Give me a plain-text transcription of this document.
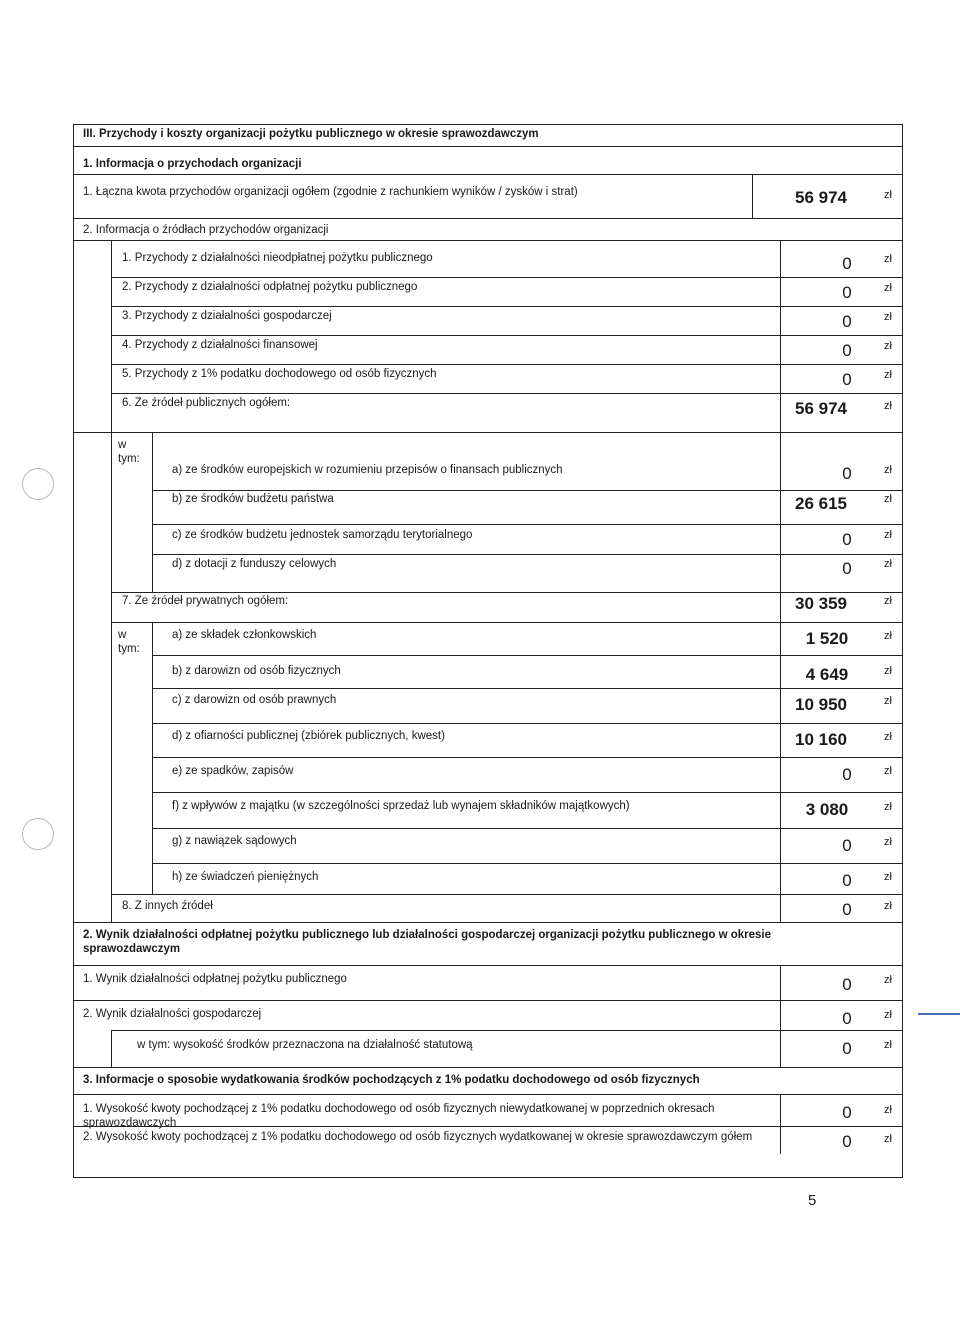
III. Przychody i koszty organizacji pożytku publicznego w okresie sprawozdawczym
1. Informacja o przychodach organizacji
1. Łączna kwota przychodów organizacji ogółem (zgodnie z rachunkiem wyników / zysków i strat)	56 974	zł
2. Informacja o źródłach przychodów organizacji
1. Przychody z działalności nieodpłatnej pożytku publicznego	0	zł
2. Przychody z działalności odpłatnej pożytku publicznego	0	zł
3. Przychody z działalności gospodarczej	0	zł
4. Przychody z działalności finansowej	0	zł
5. Przychody z 1% podatku dochodowego od osób fizycznych	0	zł
6. Ze źródeł publicznych ogółem:	56 974	zł
w tym:
a) ze środków europejskich w rozumieniu przepisów o finansach publicznych	0	zł
b) ze środków budżetu państwa	26 615	zł
c) ze środków budżetu jednostek samorządu terytorialnego	0	zł
d) z dotacji z funduszy celowych	0	zł
7. Ze źródeł prywatnych ogółem:	30 359	zł
w tym:
a) ze składek członkowskich	1 520	zł
b) z darowizn od osób fizycznych	4 649	zł
c) z darowizn od osób prawnych	10 950	zł
d) z ofiarności publicznej (zbiórek publicznych, kwest)	10 160	zł
e) ze spadków, zapisów	0	zł
f) z wpływów z majątku (w szczególności sprzedaż lub wynajem składników majątkowych)	3 080	zł
g) z nawiązek sądowych	0	zł
h) ze świadczeń pieniężnych	0	zł
8. Z innych źródeł	0	zł
2. Wynik działalności odpłatnej pożytku publicznego lub działalności gospodarczej organizacji pożytku publicznego w okresie sprawozdawczym
1. Wynik działalności odpłatnej pożytku publicznego	0	zł
2. Wynik działalności gospodarczej	0	zł
w tym: wysokość środków przeznaczona na działalność statutową	0	zł
3. Informacje o sposobie wydatkowania środków pochodzących z 1% podatku dochodowego od osób fizycznych
1. Wysokość kwoty pochodzącej z 1% podatku dochodowego od osób fizycznych niewydatkowanej w poprzednich okresach sprawozdawczych
0	zł
2. Wysokość kwoty pochodzącej z 1% podatku dochodowego od osób fizycznych wydatkowanej w okresie sprawozdawczym gółem	0	zł
5
